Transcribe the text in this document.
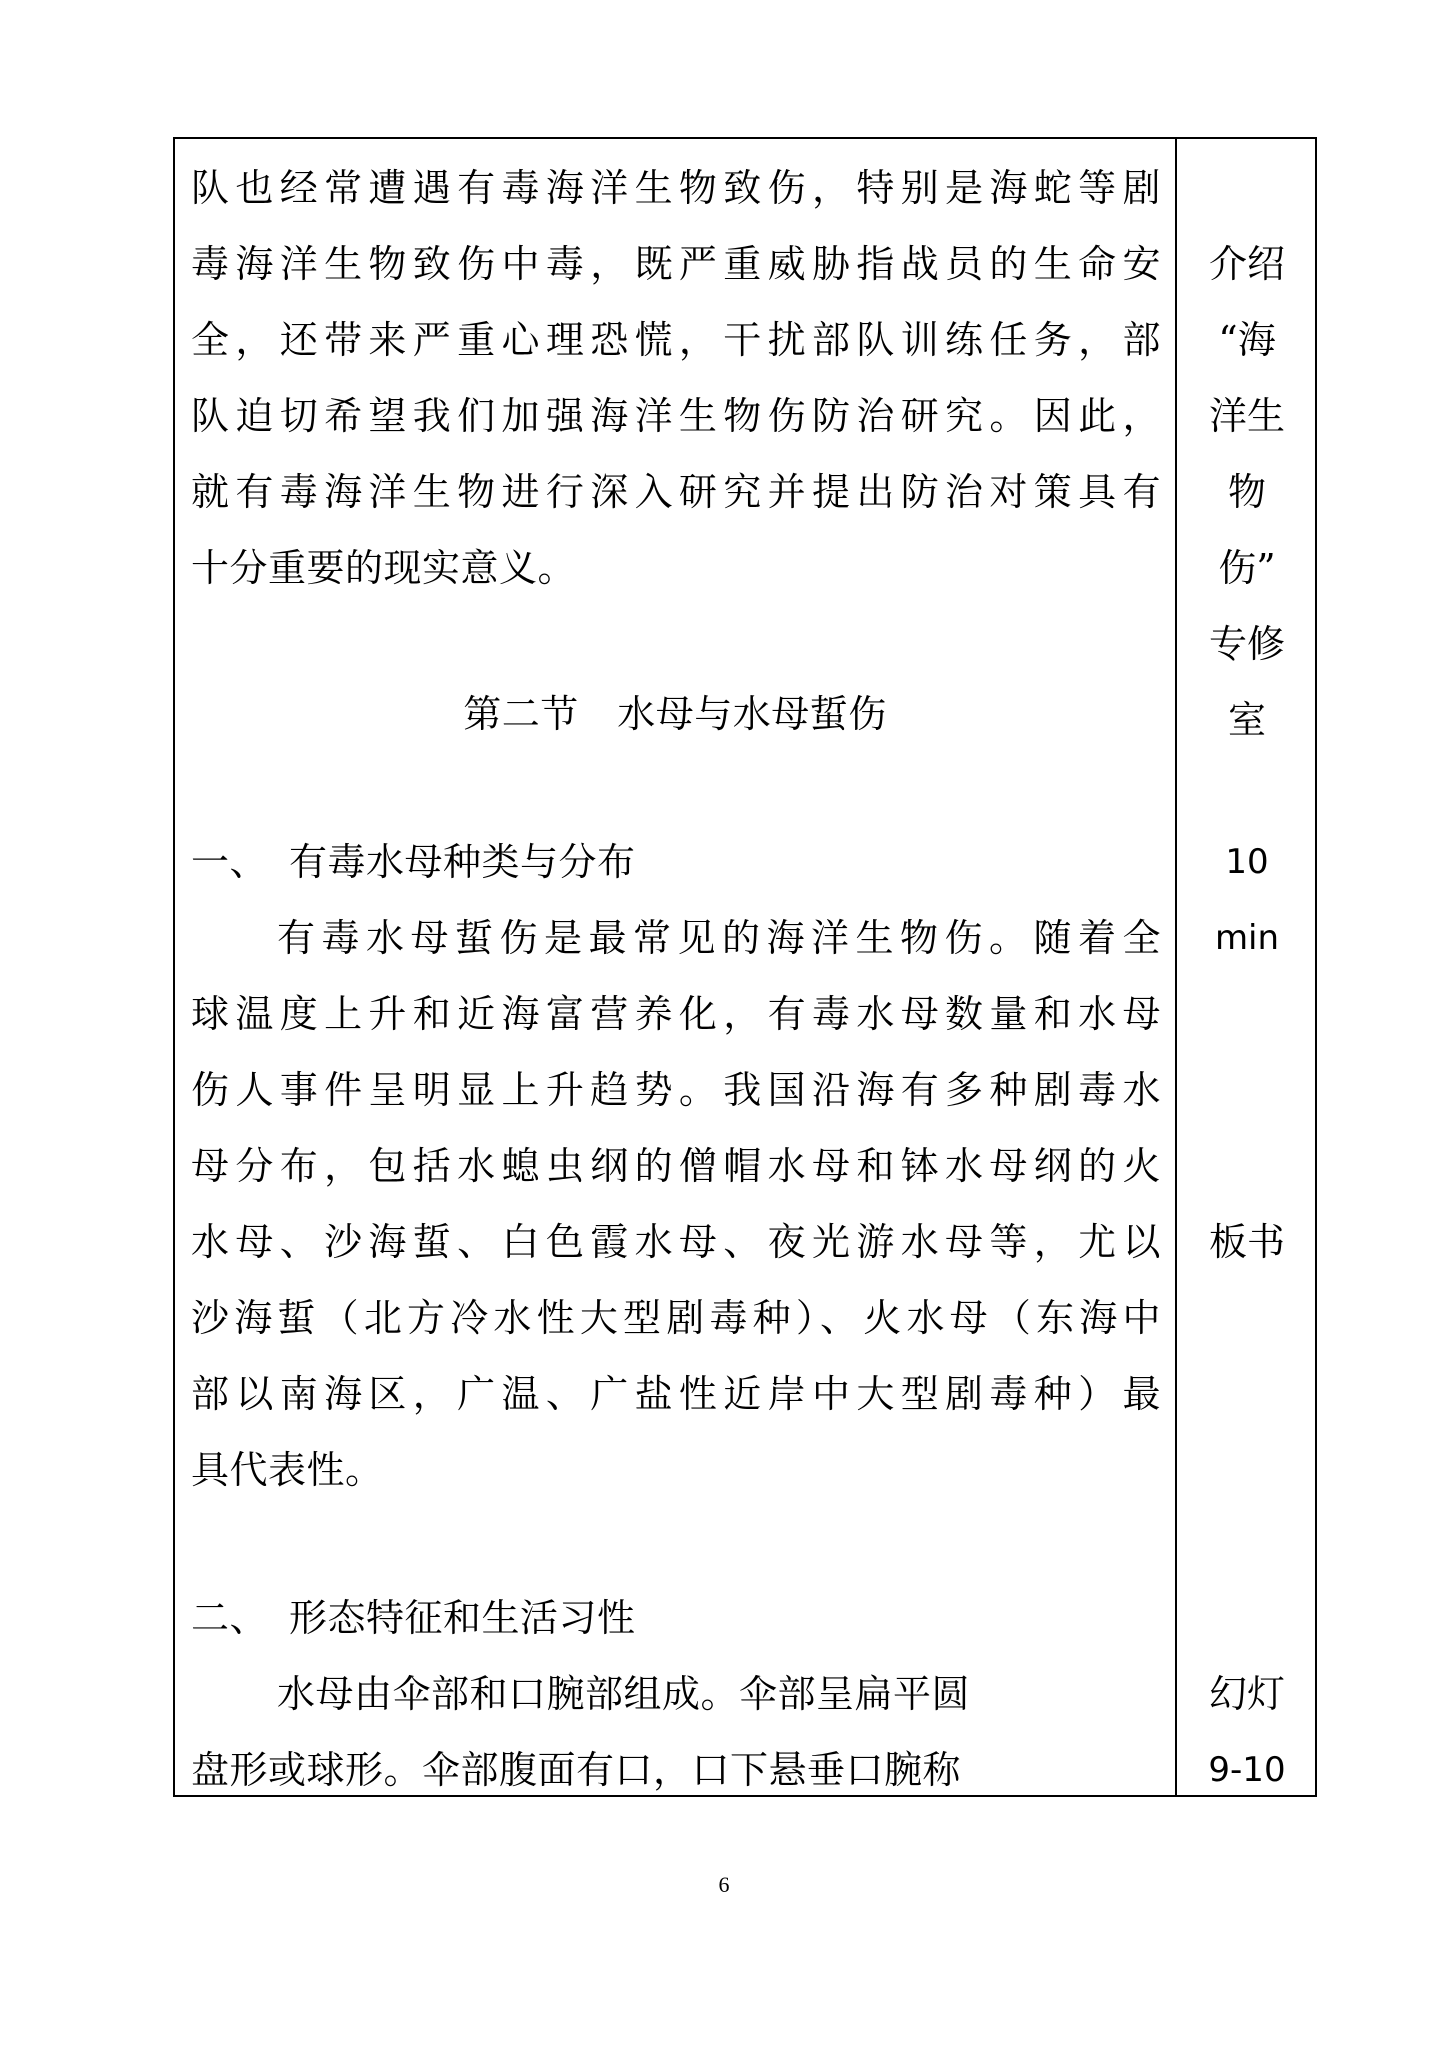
队也经常遭遇有毒海洋生物致伤，特别是海蛇等剧
毒海洋生物致伤中毒，既严重威胁指战员的生命安
全，还带来严重心理恐慌，干扰部队训练任务，部
队迫切希望我们加强海洋生物伤防治研究。因此，
就有毒海洋生物进行深入研究并提出防治对策具有
十分重要的现实意义。
第二节　水母与水母蜇伤
一、 有毒水母种类与分布
有毒水母蜇伤是最常见的海洋生物伤。随着全
球温度上升和近海富营养化，有毒水母数量和水母
伤人事件呈明显上升趋势。我国沿海有多种剧毒水
母分布，包括水螅虫纲的僧帽水母和钵水母纲的火
水母、沙海蜇、白色霞水母、夜光游水母等，尤以
沙海蜇（北方冷水性大型剧毒种）、火水母（东海中
部以南海区，广温、广盐性近岸中大型剧毒种）最
具代表性。
二、 形态特征和生活习性
水母由伞部和口腕部组成。伞部呈扁平圆
盘形或球形。伞部腹面有口，口下悬垂口腕称
介绍
“海
洋生
物
伤”
专修
室
10
min
板书
幻灯
9-10
6
